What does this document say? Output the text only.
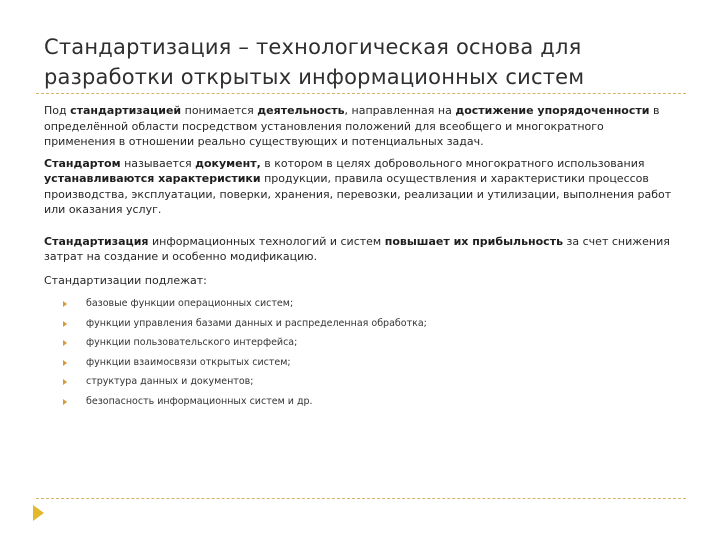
Стандартизация – технологическая основа для разработки открытых информационных систем

Под стандартизацией понимается деятельность, направленная на достижение упорядоченности в определённой области посредством установления положений для всеобщего и многократного применения в отношении реально существующих и потенциальных задач.

Стандартом называется документ, в котором в целях добровольного многократного использования устанавливаются характеристики продукции, правила осуществления и характеристики процессов производства, эксплуатации, поверки, хранения, перевозки, реализации и утилизации, выполнения работ или оказания услуг.

Стандартизация информационных технологий и систем повышает их прибыльность за счет снижения затрат на создание и особенно модификацию.

Стандартизации подлежат:

базовые функции операционных систем;
функции управления базами данных и распределенная обработка;
функции пользовательского интерфейса;
функции взаимосвязи открытых систем;
структура данных и документов;
безопасность информационных систем и др.
